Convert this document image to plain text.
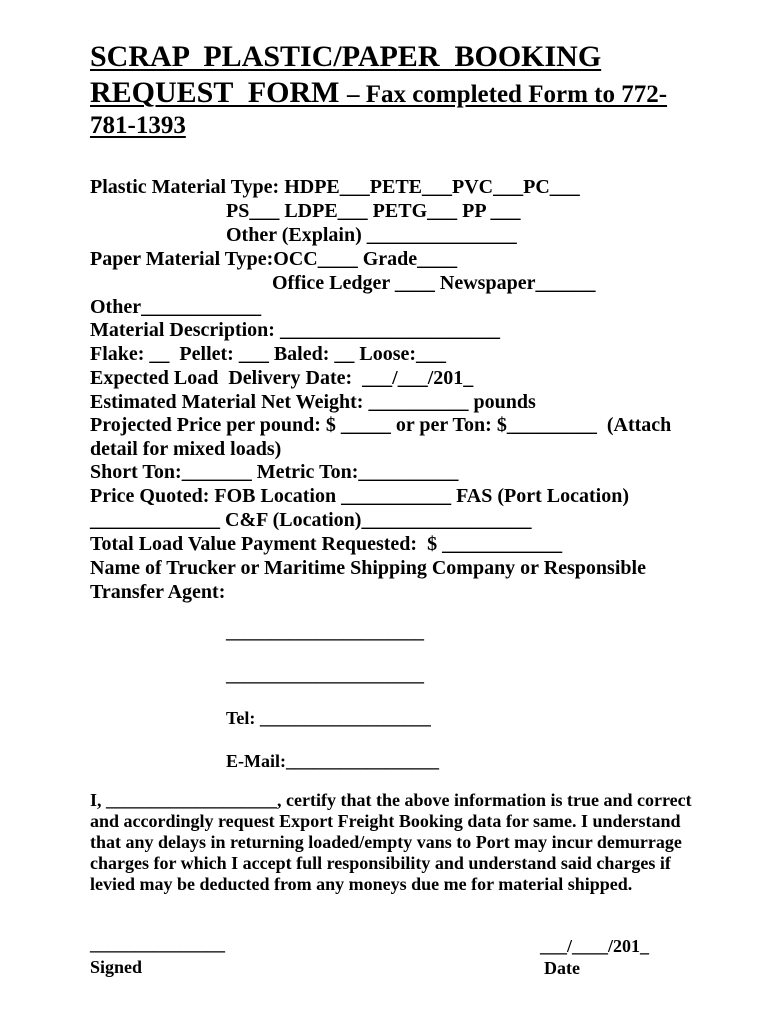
SCRAP  PLASTIC/PAPER  BOOKING
REQUEST  FORM – Fax completed Form to 772-
781-1393
Plastic Material Type: HDPE___PETE___PVC___PC___
PS___ LDPE___ PETG___ PP ___
Other (Explain) _______________
Paper Material Type:OCC____ Grade____
Office Ledger ____ Newspaper______
Other____________
Material Description: ______________________
Flake: __  Pellet: ___ Baled: __ Loose:___
Expected Load  Delivery Date:  ___/___/201_
Estimated Material Net Weight: __________ pounds
Projected Price per pound: $ _____ or per Ton: $_________  (Attach
detail for mixed loads)
Short Ton:_______ Metric Ton:__________
Price Quoted: FOB Location ___________ FAS (Port Location)
_____________ C&F (Location)_________________
Total Load Value Payment Requested:  $ ____________
Name of Trucker or Maritime Shipping Company or Responsible
Transfer Agent:
______________________
______________________
Tel: ___________________
E-Mail:_________________
I, ___________________, certify that the above information is true and correct
and accordingly request Export Freight Booking data for same. I understand
that any delays in returning loaded/empty vans to Port may incur demurrage
charges for which I accept full responsibility and understand said charges if
levied may be deducted from any moneys due me for material shipped.
_______________
Signed
___/____/201_
Date
